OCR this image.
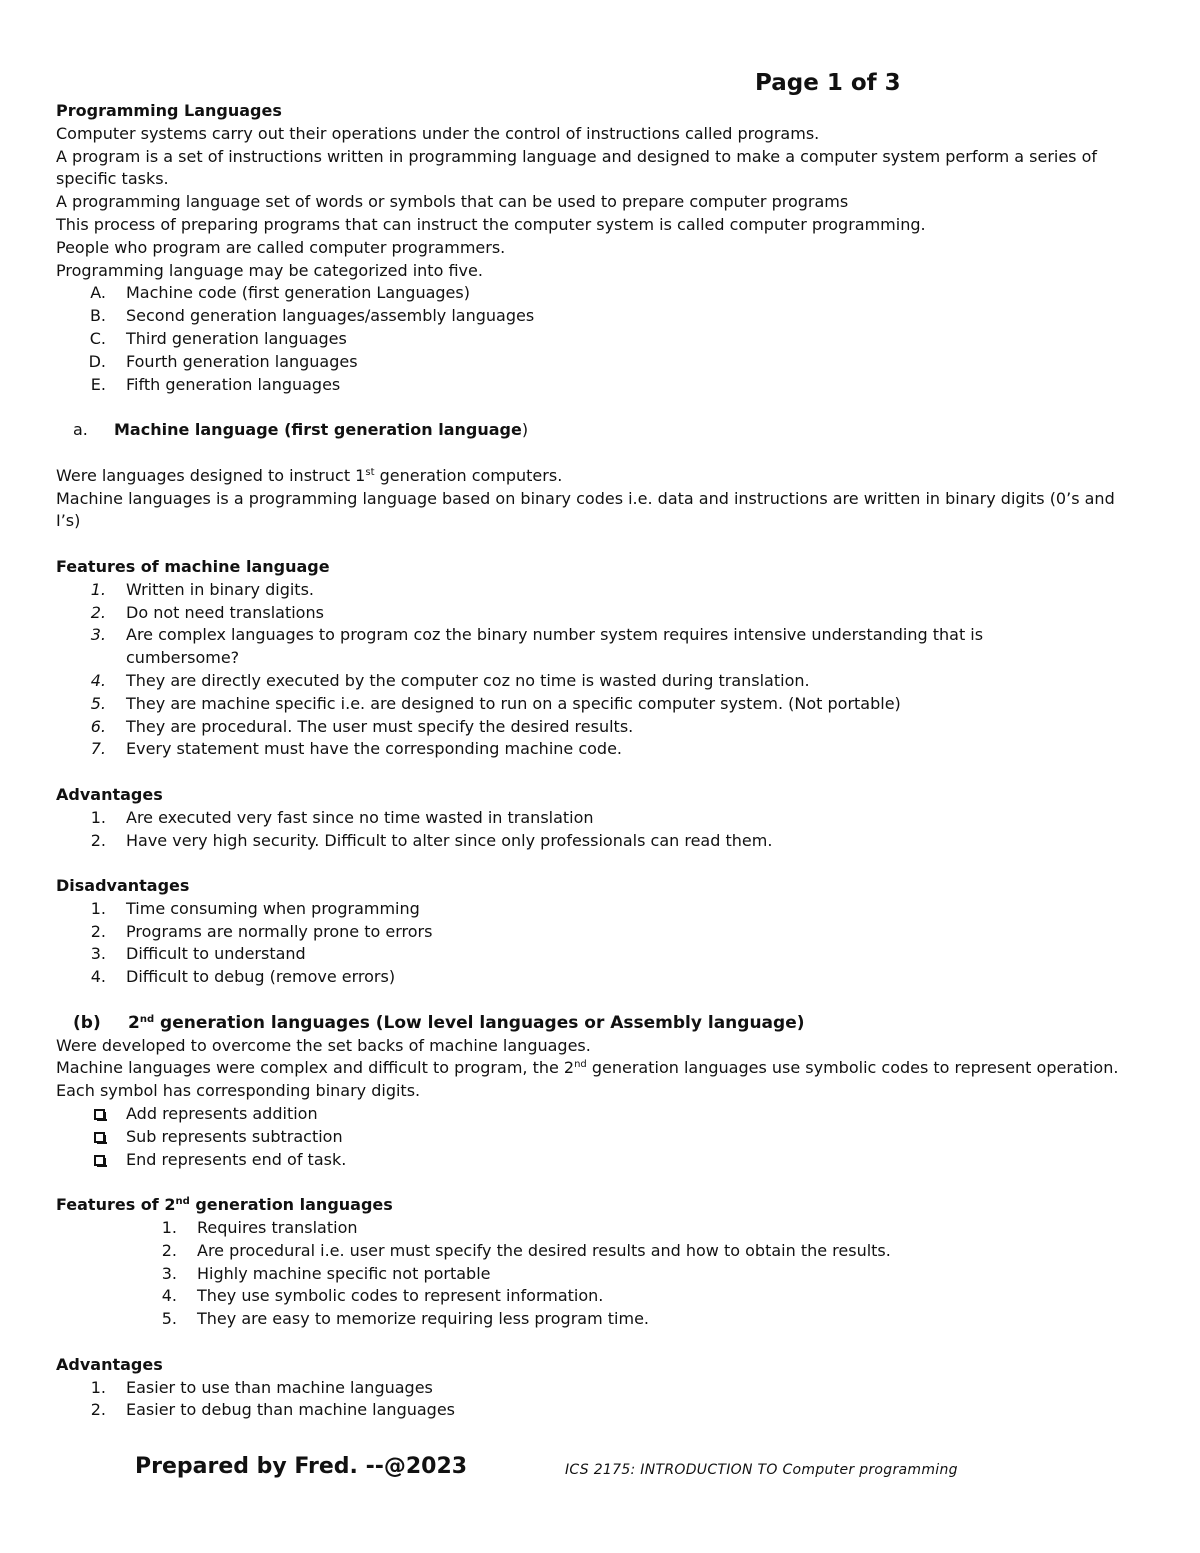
Page 1 of 3
Programming Languages
Computer systems carry out their operations under the control of instructions called programs.
A program is a set of instructions written in programming language and designed to make a computer system perform a series of specific tasks.
A programming language set of words or symbols that can be used to prepare computer programs
This process of preparing programs that can instruct the computer system is called computer programming.
People who program are called computer programmers.
Programming language may be categorized into five.
A. Machine code (first generation Languages)
B. Second generation languages/assembly languages
C. Third generation languages
D. Fourth generation languages
E. Fifth generation languages
a. Machine language (first generation language)
Were languages designed to instruct 1st generation computers.
Machine languages is a programming language based on binary codes i.e. data and instructions are written in binary digits (0’s and I’s)
Features of machine language
1. Written in binary digits.
2. Do not need translations
3. Are complex languages to program coz the binary number system requires intensive understanding that is cumbersome?
4. They are directly executed by the computer coz no time is wasted during translation.
5. They are machine specific i.e. are designed to run on a specific computer system. (Not portable)
6. They are procedural. The user must specify the desired results.
7. Every statement must have the corresponding machine code.
Advantages
1. Are executed very fast since no time wasted in translation
2. Have very high security. Difficult to alter since only professionals can read them.
Disadvantages
1. Time consuming when programming
2. Programs are normally prone to errors
3. Difficult to understand
4. Difficult to debug (remove errors)
(b) 2nd generation languages (Low level languages or Assembly language)
Were developed to overcome the set backs of machine languages.
Machine languages were complex and difficult to program, the 2nd generation languages use symbolic codes to represent operation.
Each symbol has corresponding binary digits.
Add represents addition
Sub represents subtraction
End represents end of task.
Features of 2nd generation languages
1. Requires translation
2. Are procedural i.e. user must specify the desired results and how to obtain the results.
3. Highly machine specific not portable
4. They use symbolic codes to represent information.
5. They are easy to memorize requiring less program time.
Advantages
1. Easier to use than machine languages
2. Easier to debug than machine languages
Prepared by Fred. --@2023	ICS 2175: INTRODUCTION TO Computer programming
